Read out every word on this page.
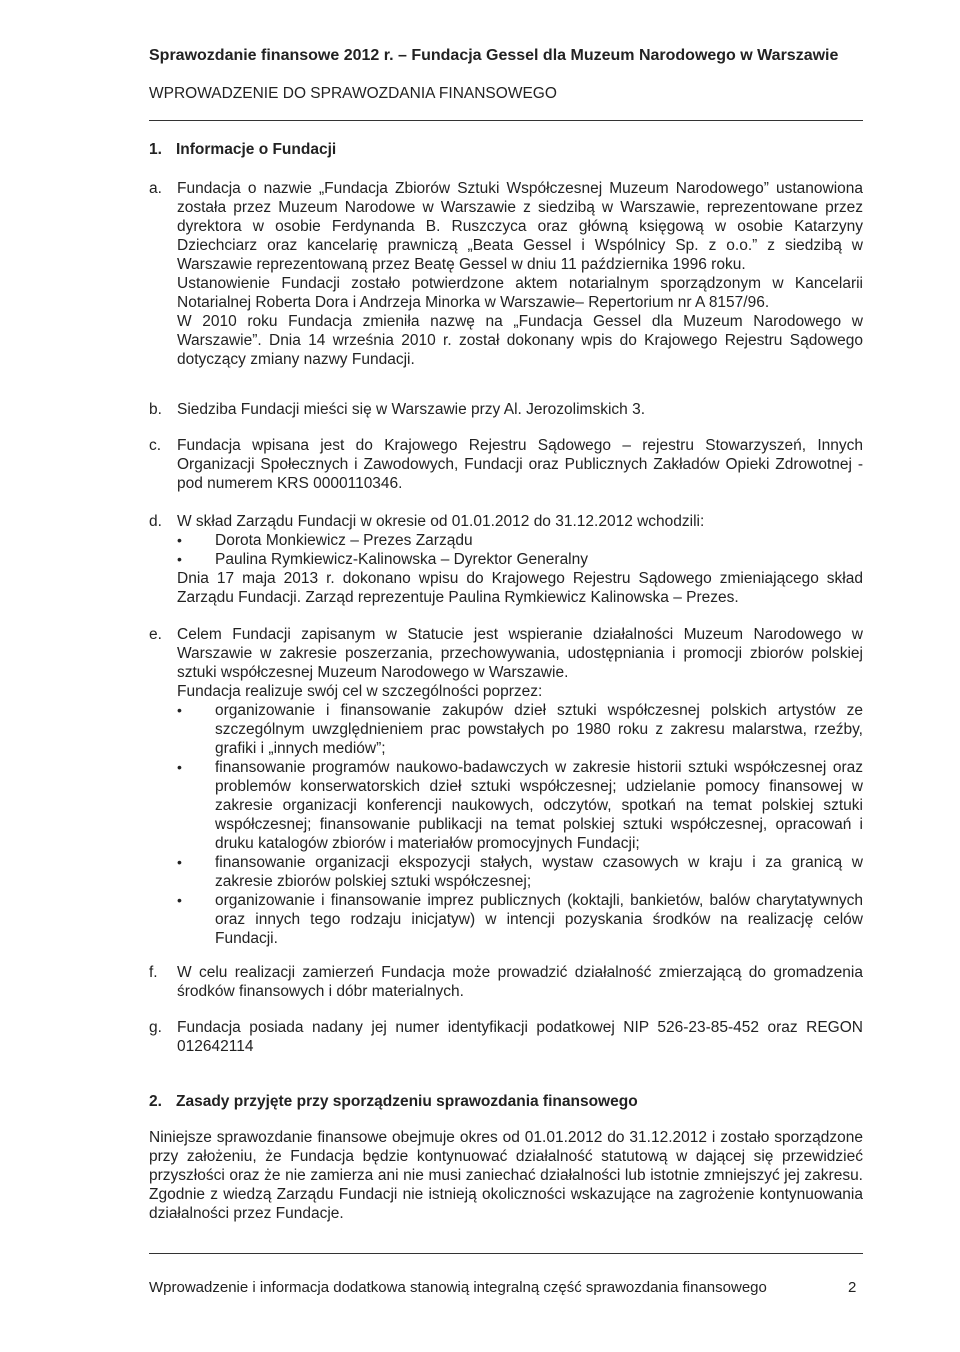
Sprawozdanie finansowe 2012 r. – Fundacja Gessel dla Muzeum Narodowego w Warszawie
WPROWADZENIE DO SPRAWOZDANIA FINANSOWEGO
1. Informacje o Fundacji
a. Fundacja o nazwie „Fundacja Zbiorów Sztuki Współczesnej Muzeum Narodowego” ustanowiona została przez Muzeum Narodowe w Warszawie z siedzibą w Warszawie, reprezentowane przez dyrektora w osobie Ferdynanda B. Ruszczyca oraz główną księgową w osobie Katarzyny Dziechciarz oraz kancelarię prawniczą „Beata Gessel i Wspólnicy Sp. z o.o.” z siedzibą w Warszawie reprezentowaną przez Beatę Gessel w dniu 11 października 1996 roku.

Ustanowienie Fundacji zostało potwierdzone aktem notarialnym sporządzonym w Kancelarii Notarialnej Roberta Dora i Andrzeja Minorka w Warszawie– Repertorium nr A 8157/96.

W 2010 roku Fundacja zmieniła nazwę na „Fundacja Gessel dla Muzeum Narodowego w Warszawie”. Dnia 14 września 2010 r. został dokonany wpis do Krajowego Rejestru Sądowego dotyczący zmiany nazwy Fundacji.

b. Siedziba Fundacji mieści się w Warszawie przy Al. Jerozolimskich 3.

c. Fundacja wpisana jest do Krajowego Rejestru Sądowego – rejestru Stowarzyszeń, Innych Organizacji Społecznych i Zawodowych, Fundacji oraz Publicznych Zakładów Opieki Zdrowotnej - pod numerem KRS 0000110346.

d. W skład Zarządu Fundacji w okresie od 01.01.2012 do 31.12.2012 wchodzili:

• Dorota Monkiewicz – Prezes Zarządu
• Paulina Rymkiewicz-Kalinowska – Dyrektor Generalny

Dnia 17 maja 2013 r. dokonano wpisu do Krajowego Rejestru Sądowego zmieniającego skład Zarządu Fundacji. Zarząd reprezentuje Paulina Rymkiewicz Kalinowska – Prezes.

e. Celem Fundacji zapisanym w Statucie jest wspieranie działalności Muzeum Narodowego w Warszawie w zakresie poszerzania, przechowywania, udostępniania i promocji zbiorów polskiej sztuki współczesnej Muzeum Narodowego w Warszawie.

Fundacja realizuje swój cel w szczególności poprzez:

• organizowanie i finansowanie zakupów dzieł sztuki współczesnej polskich artystów ze szczególnym uwzględnieniem prac powstałych po 1980 roku z zakresu malarstwa, rzeźby, grafiki i „innych mediów”;
• finansowanie programów naukowo-badawczych w zakresie historii sztuki współczesnej oraz problemów konserwatorskich dzieł sztuki współczesnej; udzielanie pomocy finansowej w zakresie organizacji konferencji naukowych, odczytów, spotkań na temat polskiej sztuki współczesnej; finansowanie publikacji na temat polskiej sztuki współczesnej, opracowań i druku katalogów zbiorów i materiałów promocyjnych Fundacji;
• finansowanie organizacji ekspozycji stałych, wystaw czasowych w kraju i za granicą w zakresie zbiorów polskiej sztuki współczesnej;
• organizowanie i finansowanie imprez publicznych (koktajli, bankietów, balów charytatywnych oraz innych tego rodzaju inicjatyw) w intencji pozyskania środków na realizację celów Fundacji.
f. W celu realizacji zamierzeń Fundacja może prowadzić działalność zmierzającą do gromadzenia środków finansowych i dóbr materialnych.

g. Fundacja posiada nadany jej numer identyfikacji podatkowej NIP 526-23-85-452 oraz REGON 012642114

2. Zasady przyjęte przy sporządzeniu sprawozdania finansowego
Niniejsze sprawozdanie finansowe obejmuje okres od 01.01.2012 do 31.12.2012 i zostało sporządzone przy założeniu, że Fundacja będzie kontynuować działalność statutową w dającej się przewidzieć przyszłości oraz że nie zamierza ani nie musi zaniechać działalności lub istotnie zmniejszyć jej zakresu. Zgodnie z wiedzą Zarządu Fundacji nie istnieją okoliczności wskazujące na zagrożenie kontynuowania działalności przez Fundacje.
Wprowadzenie i informacja dodatkowa stanowią integralną część sprawozdania finansowego	2
